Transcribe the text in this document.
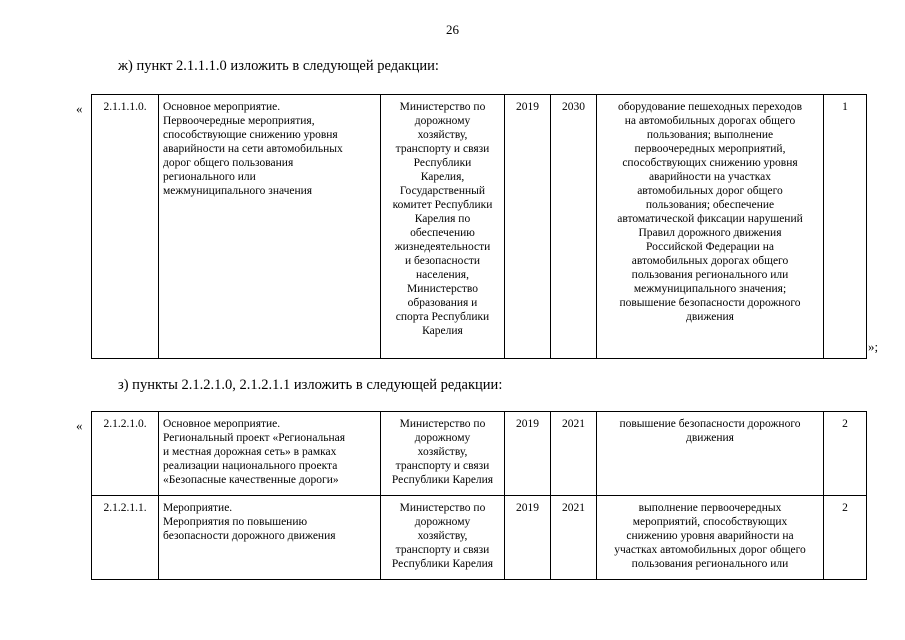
26
ж) пункт 2.1.1.1.0 изложить в следующей редакции:
«
»;
2.1.1.1.0.	Основное мероприятие.
Первоочередные мероприятия,
способствующие снижению уровня
аварийности на сети автомобильных
дорог общего пользования
регионального или
межмуниципального значения

Министерство по
дорожному
хозяйству,
транспорту и связи
Республики
Карелия,
Государственный
комитет Республики
Карелия по
обеспечению
жизнедеятельности
и безопасности
населения,
Министерство
образования и
спорта Республики
Карелия
	2019	2030	оборудование пешеходных переходов
на автомобильных дорогах общего
пользования; выполнение
первоочередных мероприятий,
способствующих снижению уровня
аварийности на участках
автомобильных дорог общего
пользования; обеспечение
автоматической фиксации нарушений
Правил дорожного движения
Российской Федерации на
автомобильных дорогах общего
пользования регионального или
межмуниципального значения;
повышение безопасности дорожного
движения
	1
з) пункты 2.1.2.1.0, 2.1.2.1.1 изложить в следующей редакции:
« 2.1.2.1.0.	Основное мероприятие.
Региональный проект «Региональная
и местная дорожная сеть» в рамках
реализации национального проекта
«Безопасные качественные дороги»	Министерство по
дорожному
хозяйству,
транспорту и связи
Республики Карелия	2019	2021	повышение безопасности дорожного
движения	2
2.1.2.1.1.	Мероприятие.
Мероприятия по повышению
безопасности дорожного движения	Министерство по
дорожному
хозяйству,
транспорту и связи
Республики Карелия	2019	2021	выполнение первоочередных
мероприятий, способствующих
снижению уровня аварийности на
участках автомобильных дорог общего
пользования регионального или	2
